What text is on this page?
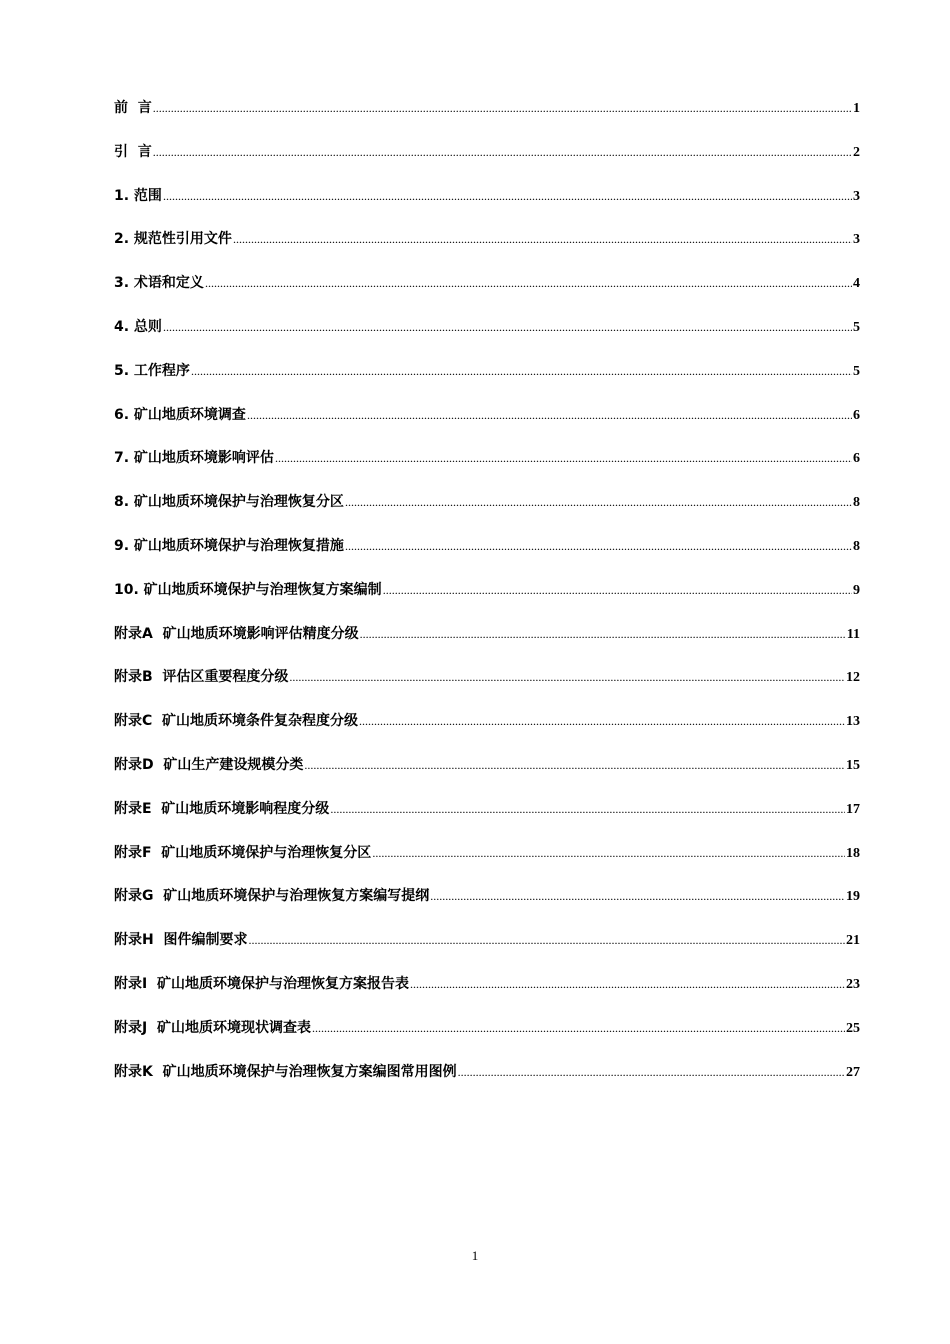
前  言 .....	1
引  言 .....	2
1. 范围 .....	3
2. 规范性引用文件 .....	3
3. 术语和定义 .....	4
4. 总则 .....	5
5. 工作程序 .....	5
6. 矿山地质环境调查 .....	6
7. 矿山地质环境影响评估 .....	6
8. 矿山地质环境保护与治理恢复分区 .....	8
9. 矿山地质环境保护与治理恢复措施 .....	8
10. 矿山地质环境保护与治理恢复方案编制 .....	9
附录A  矿山地质环境影响评估精度分级 .....	11
附录B  评估区重要程度分级 .....	12
附录C  矿山地质环境条件复杂程度分级 .....	13
附录D  矿山生产建设规模分类 .....	15
附录E  矿山地质环境影响程度分级 .....	17
附录F  矿山地质环境保护与治理恢复分区 .....	18
附录G  矿山地质环境保护与治理恢复方案编写提纲 .....	19
附录H  图件编制要求 .....	21
附录I  矿山地质环境保护与治理恢复方案报告表 .....	23
附录J  矿山地质环境现状调查表 .....	25
附录K  矿山地质环境保护与治理恢复方案编图常用图例 .....	27
1
